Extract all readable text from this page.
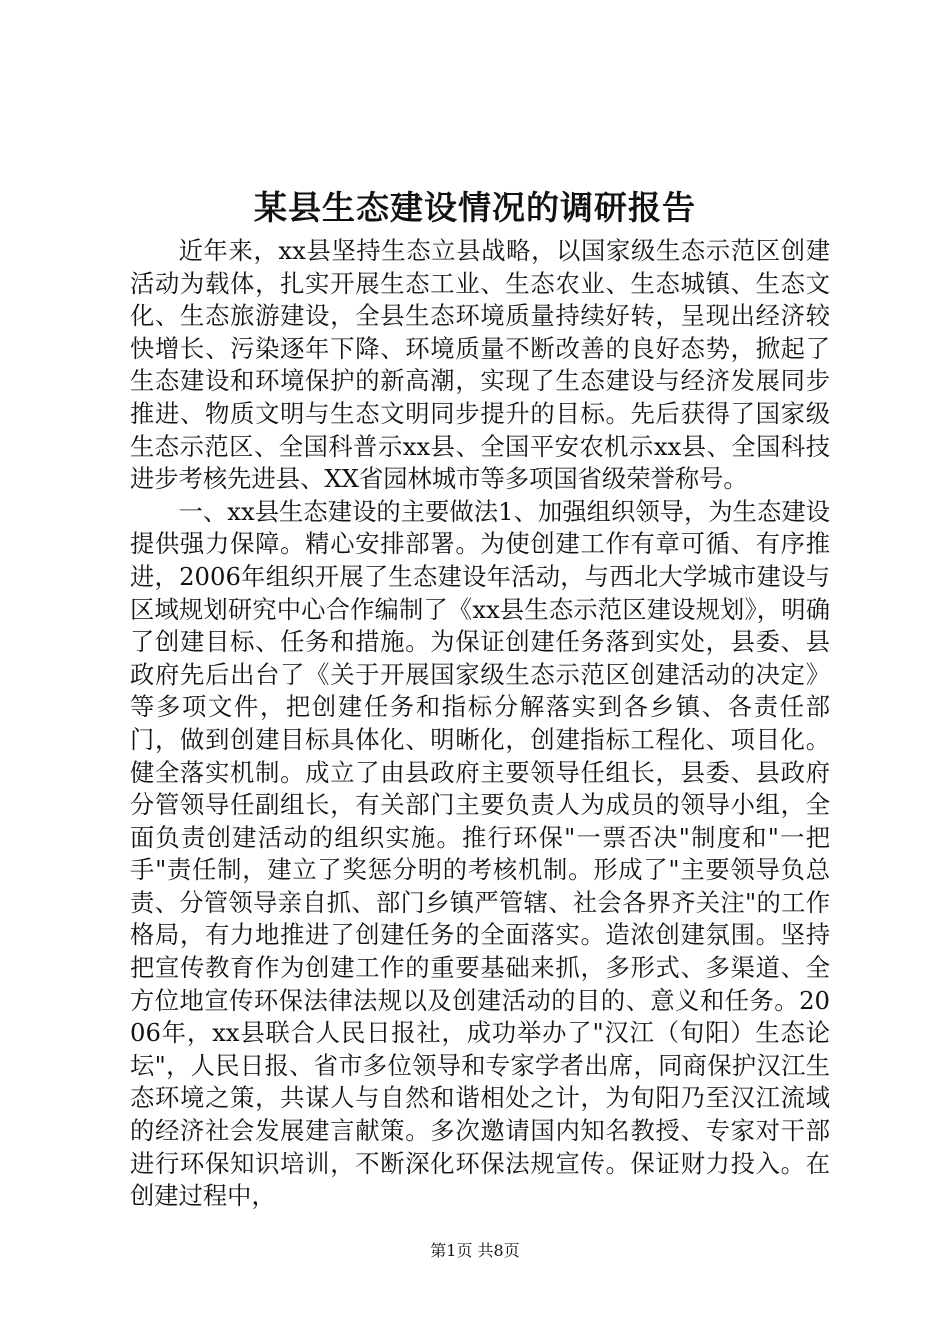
某县生态建设情况的调研报告

近年来，xx县坚持生态立县战略，以国家级生态示范区创建活动为载体，扎实开展生态工业、生态农业、生态城镇、生态文化、生态旅游建设，全县生态环境质量持续好转，呈现出经济较快增长、污染逐年下降、环境质量不断改善的良好态势，掀起了生态建设和环境保护的新高潮，实现了生态建设与经济发展同步推进、物质文明与生态文明同步提升的目标。先后获得了国家级生态示范区、全国科普示xx县、全国平安农机示xx县、全国科技进步考核先进县、XX省园林城市等多项国省级荣誉称号。

一、xx县生态建设的主要做法1、加强组织领导，为生态建设提供强力保障。精心安排部署。为使创建工作有章可循、有序推进，2006年组织开展了生态建设年活动，与西北大学城市建设与区域规划研究中心合作编制了《xx县生态示范区建设规划》，明确了创建目标、任务和措施。为保证创建任务落到实处，县委、县政府先后出台了《关于开展国家级生态示范区创建活动的决定》等多项文件，把创建任务和指标分解落实到各乡镇、各责任部门，做到创建目标具体化、明晰化，创建指标工程化、项目化。健全落实机制。成立了由县政府主要领导任组长，县委、县政府分管领导任副组长，有关部门主要负责人为成员的领导小组，全面负责创建活动的组织实施。推行环保"一票否决"制度和"一把手"责任制，建立了奖惩分明的考核机制。形成了"主要领导负总责、分管领导亲自抓、部门乡镇严管辖、社会各界齐关注"的工作格局，有力地推进了创建任务的全面落实。造浓创建氛围。坚持把宣传教育作为创建工作的重要基础来抓，多形式、多渠道、全方位地宣传环保法律法规以及创建活动的目的、意义和任务。2006年，xx县联合人民日报社，成功举办了"汉江（旬阳）生态论坛"，人民日报、省市多位领导和专家学者出席，同商保护汉江生态环境之策，共谋人与自然和谐相处之计，为旬阳乃至汉江流域的经济社会发展建言献策。多次邀请国内知名教授、专家对干部进行环保知识培训，不断深化环保法规宣传。保证财力投入。在创建过程中，

第1页 共8页
